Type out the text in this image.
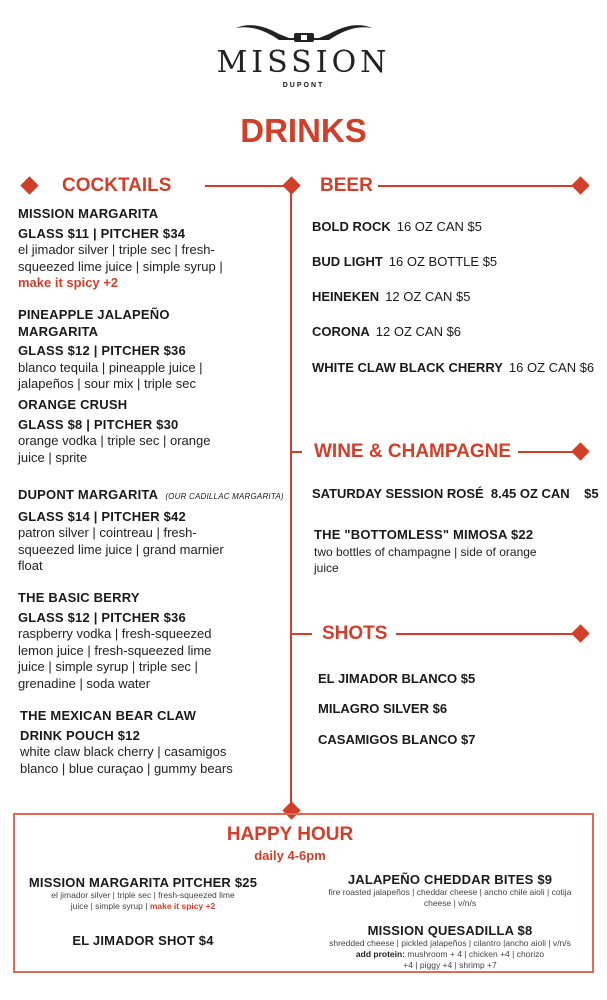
MISSION
DUPONT
DRINKS
COCKTAILS	BEER
WINE & CHAMPAGNE
SHOTS
MISSION MARGARITA
GLASS $11 | PITCHER $34
el jimador silver | triple sec | fresh-squeezed lime juice | simple syrup | make it spicy +2
PINEAPPLE JALAPEÑO MARGARITA
GLASS $12 | PITCHER $36
blanco tequila | pineapple juice | jalapeños | sour mix | triple sec
ORANGE CRUSH
GLASS $8 | PITCHER $30
orange vodka | triple sec | orange juice | sprite
DUPONT MARGARITA (OUR CADILLAC MARGARITA)
GLASS $14 | PITCHER $42
patron silver | cointreau | fresh-squeezed lime juice | grand marnier float
THE BASIC BERRY
GLASS $12 | PITCHER $36
raspberry vodka | fresh-squeezed lemon juice | fresh-squeezed lime juice | simple syrup | triple sec | grenadine | soda water
THE MEXICAN BEAR CLAW
DRINK POUCH $12
white claw black cherry | casamigos blanco | blue curaçao | gummy bears
BOLD ROCK 16 OZ CAN $5
BUD LIGHT 16 OZ BOTTLE $5
HEINEKEN 12 OZ CAN $5
CORONA 12 OZ CAN $6
WHITE CLAW BLACK CHERRY 16 OZ CAN $6
SATURDAY SESSION ROSÉ  8.45 OZ CAN    $5
THE "BOTTOMLESS" MIMOSA $22
two bottles of champagne | side of orange juice
EL JIMADOR BLANCO $5
MILAGRO SILVER $6
CASAMIGOS BLANCO $7
HAPPY HOUR
daily 4-6pm
MISSION MARGARITA PITCHER $25
el jimador silver | triple sec | fresh-squeezed lime juice | simple syrup | make it spicy +2
EL JIMADOR SHOT $4
JALAPEÑO CHEDDAR BITES $9
fire roasted jalapeños | cheddar cheese | ancho chile aioli | cotija cheese | v/n/s
MISSION QUESADILLA $8
shredded cheese | pickled jalapeños | cilantro |ancho aioli | v/n/s
add protein: mushroom + 4 | chicken +4 | chorizo +4 | piggy +4 | shrimp +7
